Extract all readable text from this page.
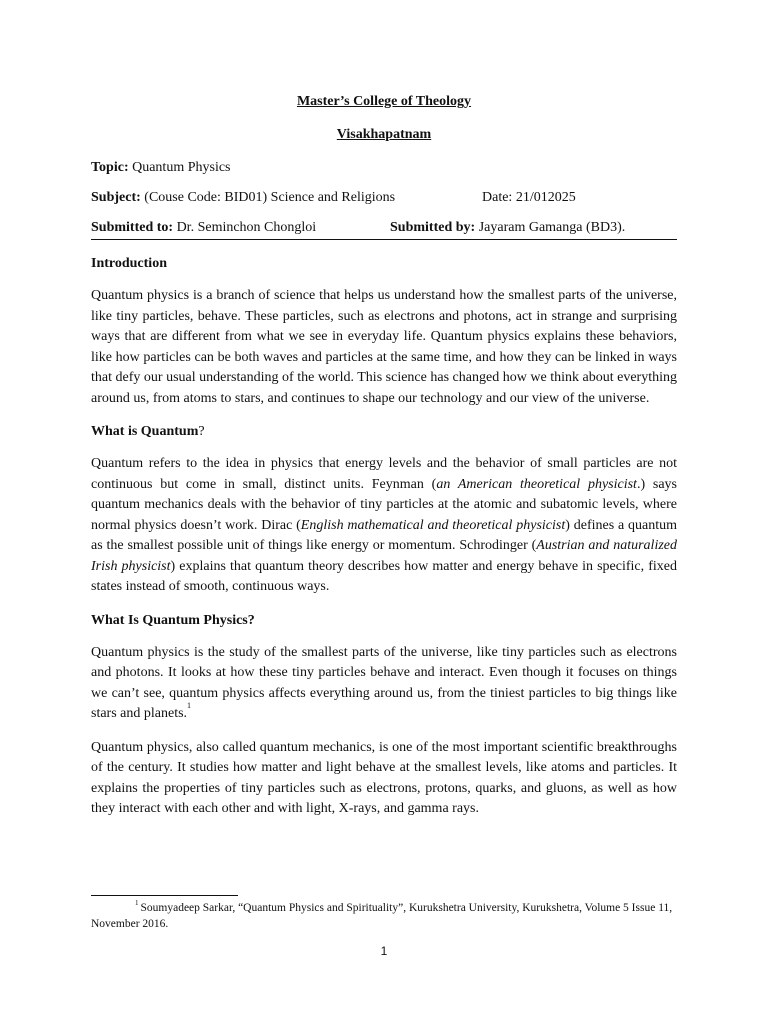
Master’s College of Theology

Visakhapatnam

Topic: Quantum Physics

Subject: (Couse Code: BID01) Science and Religions	Date: 21/012025

Submitted to: Dr. Seminchon Chongloi	Submitted by: Jayaram Gamanga (BD3).

Introduction

Quantum physics is a branch of science that helps us understand how the smallest parts of the universe, like tiny particles, behave. These particles, such as electrons and photons, act in strange and surprising ways that are different from what we see in everyday life. Quantum physics explains these behaviors, like how particles can be both waves and particles at the same time, and how they can be linked in ways that defy our usual understanding of the world. This science has changed how we think about everything around us, from atoms to stars, and continues to shape our technology and our view of the universe.

What is Quantum?

Quantum refers to the idea in physics that energy levels and the behavior of small particles are not continuous but come in small, distinct units. Feynman (an American theoretical physicist.) says quantum mechanics deals with the behavior of tiny particles at the atomic and subatomic levels, where normal physics doesn’t work. Dirac (English mathematical and theoretical physicist) defines a quantum as the smallest possible unit of things like energy or momentum. Schrodinger (Austrian and naturalized Irish physicist) explains that quantum theory describes how matter and energy behave in specific, fixed states instead of smooth, continuous ways.

What Is Quantum Physics?

Quantum physics is the study of the smallest parts of the universe, like tiny particles such as electrons and photons. It looks at how these tiny particles behave and interact. Even though it focuses on things we can’t see, quantum physics affects everything around us, from the tiniest particles to big things like stars and planets.$^1$

Quantum physics, also called quantum mechanics, is one of the most important scientific breakthroughs of the century. It studies how matter and light behave at the smallest levels, like atoms and particles. It explains the properties of tiny particles such as electrons, protons, quarks, and gluons, as well as how they interact with each other and with light, X-rays, and gamma rays.

$^1$ Soumyadeep Sarkar, “Quantum Physics and Spirituality”, Kurukshetra University, Kurukshetra, Volume 5 Issue 11, November 2016.
1
